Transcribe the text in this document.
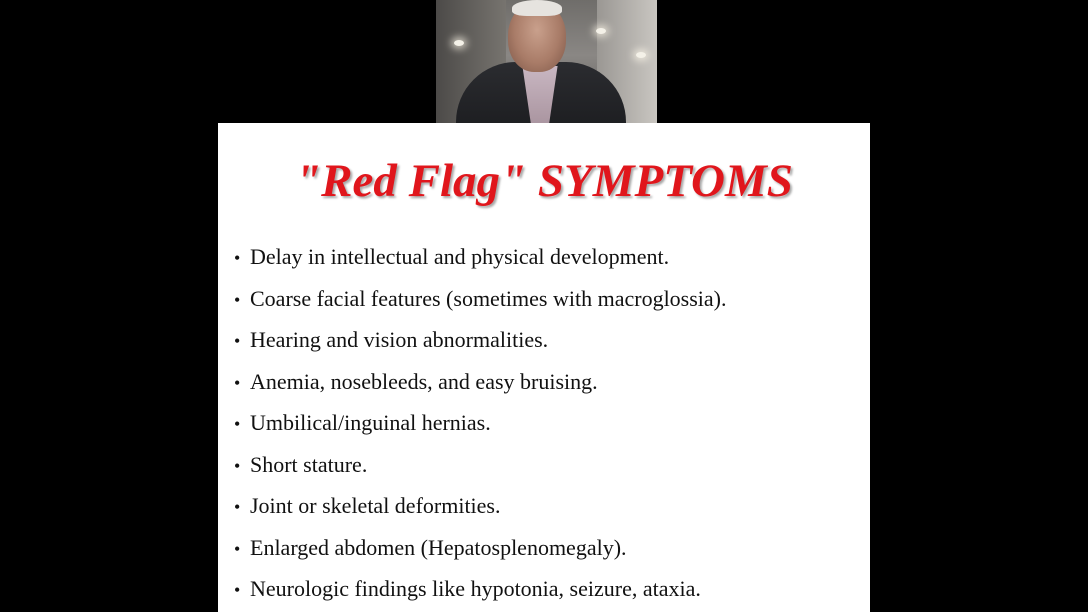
"Red Flag" SYMPTOMS
• Delay in intellectual and physical development.
• Coarse facial features (sometimes with macroglossia).
• Hearing and vision abnormalities.
• Anemia, nosebleeds, and easy bruising.
• Umbilical/inguinal hernias.
• Short stature.
• Joint or skeletal deformities.
• Enlarged abdomen (Hepatosplenomegaly).
• Neurologic findings like hypotonia, seizure, ataxia.
